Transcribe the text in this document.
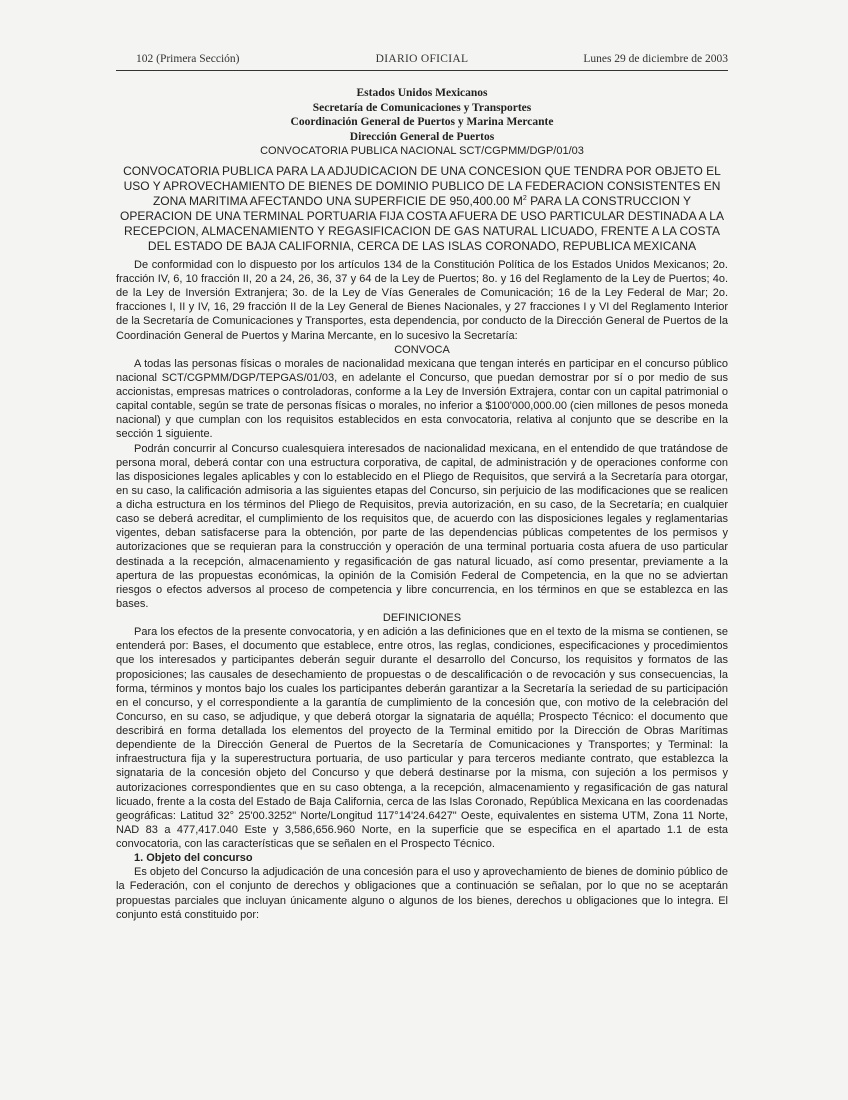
102 (Primera Sección)	DIARIO OFICIAL	Lunes 29 de diciembre de 2003

Estados Unidos Mexicanos

Secretaría de Comunicaciones y Transportes

Coordinación General de Puertos y Marina Mercante

Dirección General de Puertos

CONVOCATORIA PUBLICA NACIONAL SCT/CGPMM/DGP/01/03

CONVOCATORIA PUBLICA PARA LA ADJUDICACION DE UNA CONCESION QUE TENDRA POR OBJETO EL USO Y APROVECHAMIENTO DE BIENES DE DOMINIO PUBLICO DE LA FEDERACION CONSISTENTES EN ZONA MARITIMA AFECTANDO UNA SUPERFICIE DE 950,400.00 $M^2$ PARA LA CONSTRUCCION Y OPERACION DE UNA TERMINAL PORTUARIA FIJA COSTA AFUERA DE USO PARTICULAR DESTINADA A LA RECEPCION, ALMACENAMIENTO Y REGASIFICACION DE GAS NATURAL LICUADO, FRENTE A LA COSTA DEL ESTADO DE BAJA CALIFORNIA, CERCA DE LAS ISLAS CORONADO, REPUBLICA MEXICANA

De conformidad con lo dispuesto por los artículos 134 de la Constitución Política de los Estados Unidos Mexicanos; 2o. fracción IV, 6, 10 fracción II, 20 a 24, 26, 36, 37 y 64 de la Ley de Puertos; 8o. y 16 del Reglamento de la Ley de Puertos; 4o. de la Ley de Inversión Extranjera; 3o. de la Ley de Vías Generales de Comunicación; 16 de la Ley Federal de Mar; 2o. fracciones I, II y IV, 16, 29 fracción II de la Ley General de Bienes Nacionales, y 27 fracciones I y VI del Reglamento Interior de la Secretaría de Comunicaciones y Transportes, esta dependencia, por conducto de la Dirección General de Puertos de la Coordinación General de Puertos y Marina Mercante, en lo sucesivo la Secretaría:

CONVOCA

A todas las personas físicas o morales de nacionalidad mexicana que tengan interés en participar en el concurso público nacional SCT/CGPMM/DGP/TEPGAS/01/03, en adelante el Concurso, que puedan demostrar por sí o por medio de sus accionistas, empresas matrices o controladoras, conforme a la Ley de Inversión Extrajera, contar con un capital patrimonial o capital contable, según se trate de personas físicas o morales, no inferior a $100'000,000.00 (cien millones de pesos moneda nacional) y que cumplan con los requisitos establecidos en esta convocatoria, relativa al conjunto que se describe en la sección 1 siguiente.

Podrán concurrir al Concurso cualesquiera interesados de nacionalidad mexicana, en el entendido de que tratándose de persona moral, deberá contar con una estructura corporativa, de capital, de administración y de operaciones conforme con las disposiciones legales aplicables y con lo establecido en el Pliego de Requisitos, que servirá a la Secretaría para otorgar, en su caso, la calificación admisoria a las siguientes etapas del Concurso, sin perjuicio de las modificaciones que se realicen a dicha estructura en los términos del Pliego de Requisitos, previa autorización, en su caso, de la Secretaría; en cualquier caso se deberá acreditar, el cumplimiento de los requisitos que, de acuerdo con las disposiciones legales y reglamentarias vigentes, deban satisfacerse para la obtención, por parte de las dependencias públicas competentes de los permisos y autorizaciones que se requieran para la construcción y operación de una terminal portuaria costa afuera de uso particular destinada a la recepción, almacenamiento y regasificación de gas natural licuado, así como presentar, previamente a la apertura de las propuestas económicas, la opinión de la Comisión Federal de Competencia, en la que no se adviertan riesgos o efectos adversos al proceso de competencia y libre concurrencia, en los términos en que se establezca en las bases.

DEFINICIONES

Para los efectos de la presente convocatoria, y en adición a las definiciones que en el texto de la misma se contienen, se entenderá por: Bases, el documento que establece, entre otros, las reglas, condiciones, especificaciones y procedimientos que los interesados y participantes deberán seguir durante el desarrollo del Concurso, los requisitos y formatos de las proposiciones; las causales de desechamiento de propuestas o de descalificación o de revocación y sus consecuencias, la forma, términos y montos bajo los cuales los participantes deberán garantizar a la Secretaría la seriedad de su participación en el concurso, y el correspondiente a la garantía de cumplimiento de la concesión que, con motivo de la celebración del Concurso, en su caso, se adjudique, y que deberá otorgar la signataria de aquélla; Prospecto Técnico: el documento que describirá en forma detallada los elementos del proyecto de la Terminal emitido por la Dirección de Obras Marítimas dependiente de la Dirección General de Puertos de la Secretaría de Comunicaciones y Transportes; y Terminal: la infraestructura fija y la superestructura portuaria, de uso particular y para terceros mediante contrato, que establezca la signataria de la concesión objeto del Concurso y que deberá destinarse por la misma, con sujeción a los permisos y autorizaciones correspondientes que en su caso obtenga, a la recepción, almacenamiento y regasificación de gas natural licuado, frente a la costa del Estado de Baja California, cerca de las Islas Coronado, República Mexicana en las coordenadas geográficas: Latitud 32° 25'00.3252" Norte/Longitud 117°14'24.6427" Oeste, equivalentes en sistema UTM, Zona 11 Norte, NAD 83 a 477,417.040 Este y 3,586,656.960 Norte, en la superficie que se especifica en el apartado 1.1 de esta convocatoria, con las características que se señalen en el Prospecto Técnico.

1. Objeto del concurso

Es objeto del Concurso la adjudicación de una concesión para el uso y aprovechamiento de bienes de dominio público de la Federación, con el conjunto de derechos y obligaciones que a continuación se señalan, por lo que no se aceptarán propuestas parciales que incluyan únicamente alguno o algunos de los bienes, derechos u obligaciones que lo integra. El conjunto está constituido por:
